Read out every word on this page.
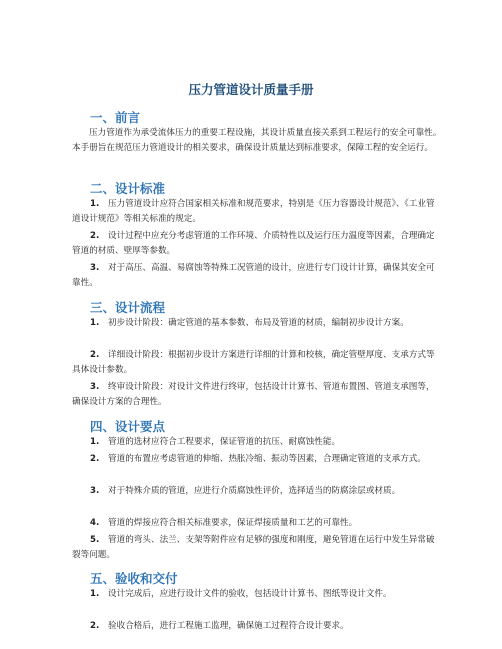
压力管道设计质量手册
一、前言
压力管道作为承受流体压力的重要工程设施，其设计质量直接关系到工程运行的安全可靠性。本手册旨在规范压力管道设计的相关要求，确保设计质量达到标准要求，保障工程的安全运行。
二、设计标准
1. 压力管道设计应符合国家相关标准和规范要求，特别是《压力容器设计规范》、《工业管道设计规范》等相关标准的规定。
2. 设计过程中应充分考虑管道的工作环境、介质特性以及运行压力温度等因素，合理确定管道的材质、壁厚等参数。
3. 对于高压、高温、易腐蚀等特殊工况管道的设计，应进行专门设计计算，确保其安全可靠性。
三、设计流程
1. 初步设计阶段：确定管道的基本参数、布局及管道的材质，编制初步设计方案。
2. 详细设计阶段：根据初步设计方案进行详细的计算和校核，确定管壁厚度、支承方式等具体设计参数。
3. 终审设计阶段：对设计文件进行终审，包括设计计算书、管道布置图、管道支承图等，确保设计方案的合理性。
四、设计要点
1. 管道的选材应符合工程要求，保证管道的抗压、耐腐蚀性能。
2. 管道的布置应考虑管道的伸缩、热胀冷缩、振动等因素，合理确定管道的支承方式。
3. 对于特殊介质的管道，应进行介质腐蚀性评价，选择适当的防腐涂层或材质。
4. 管道的焊接应符合相关标准要求，保证焊接质量和工艺的可靠性。
5. 管道的弯头、法兰、支架等附件应有足够的强度和刚度，避免管道在运行中发生异常破裂等问题。
五、验收和交付
1. 设计完成后，应进行设计文件的验收，包括设计计算书、图纸等设计文件。
2. 验收合格后，进行工程施工监理，确保施工过程符合设计要求。
